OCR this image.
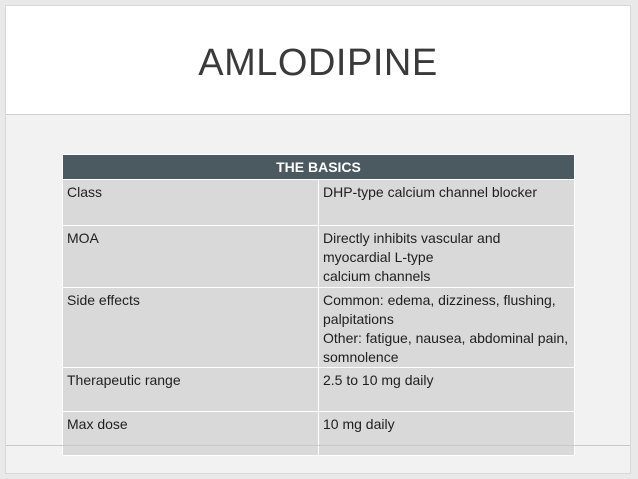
AMLODIPINE
THE BASICS	
Class	DHP-type calcium channel blocker

MOA	Directly inhibits vascular and myocardial L-type
calcium channels

Side effects	Common: edema, dizziness, flushing, palpitations
Other: fatigue, nausea, abdominal pain,
somnolence

Therapeutic range	2.5 to 10 mg daily

Max dose	10 mg daily
